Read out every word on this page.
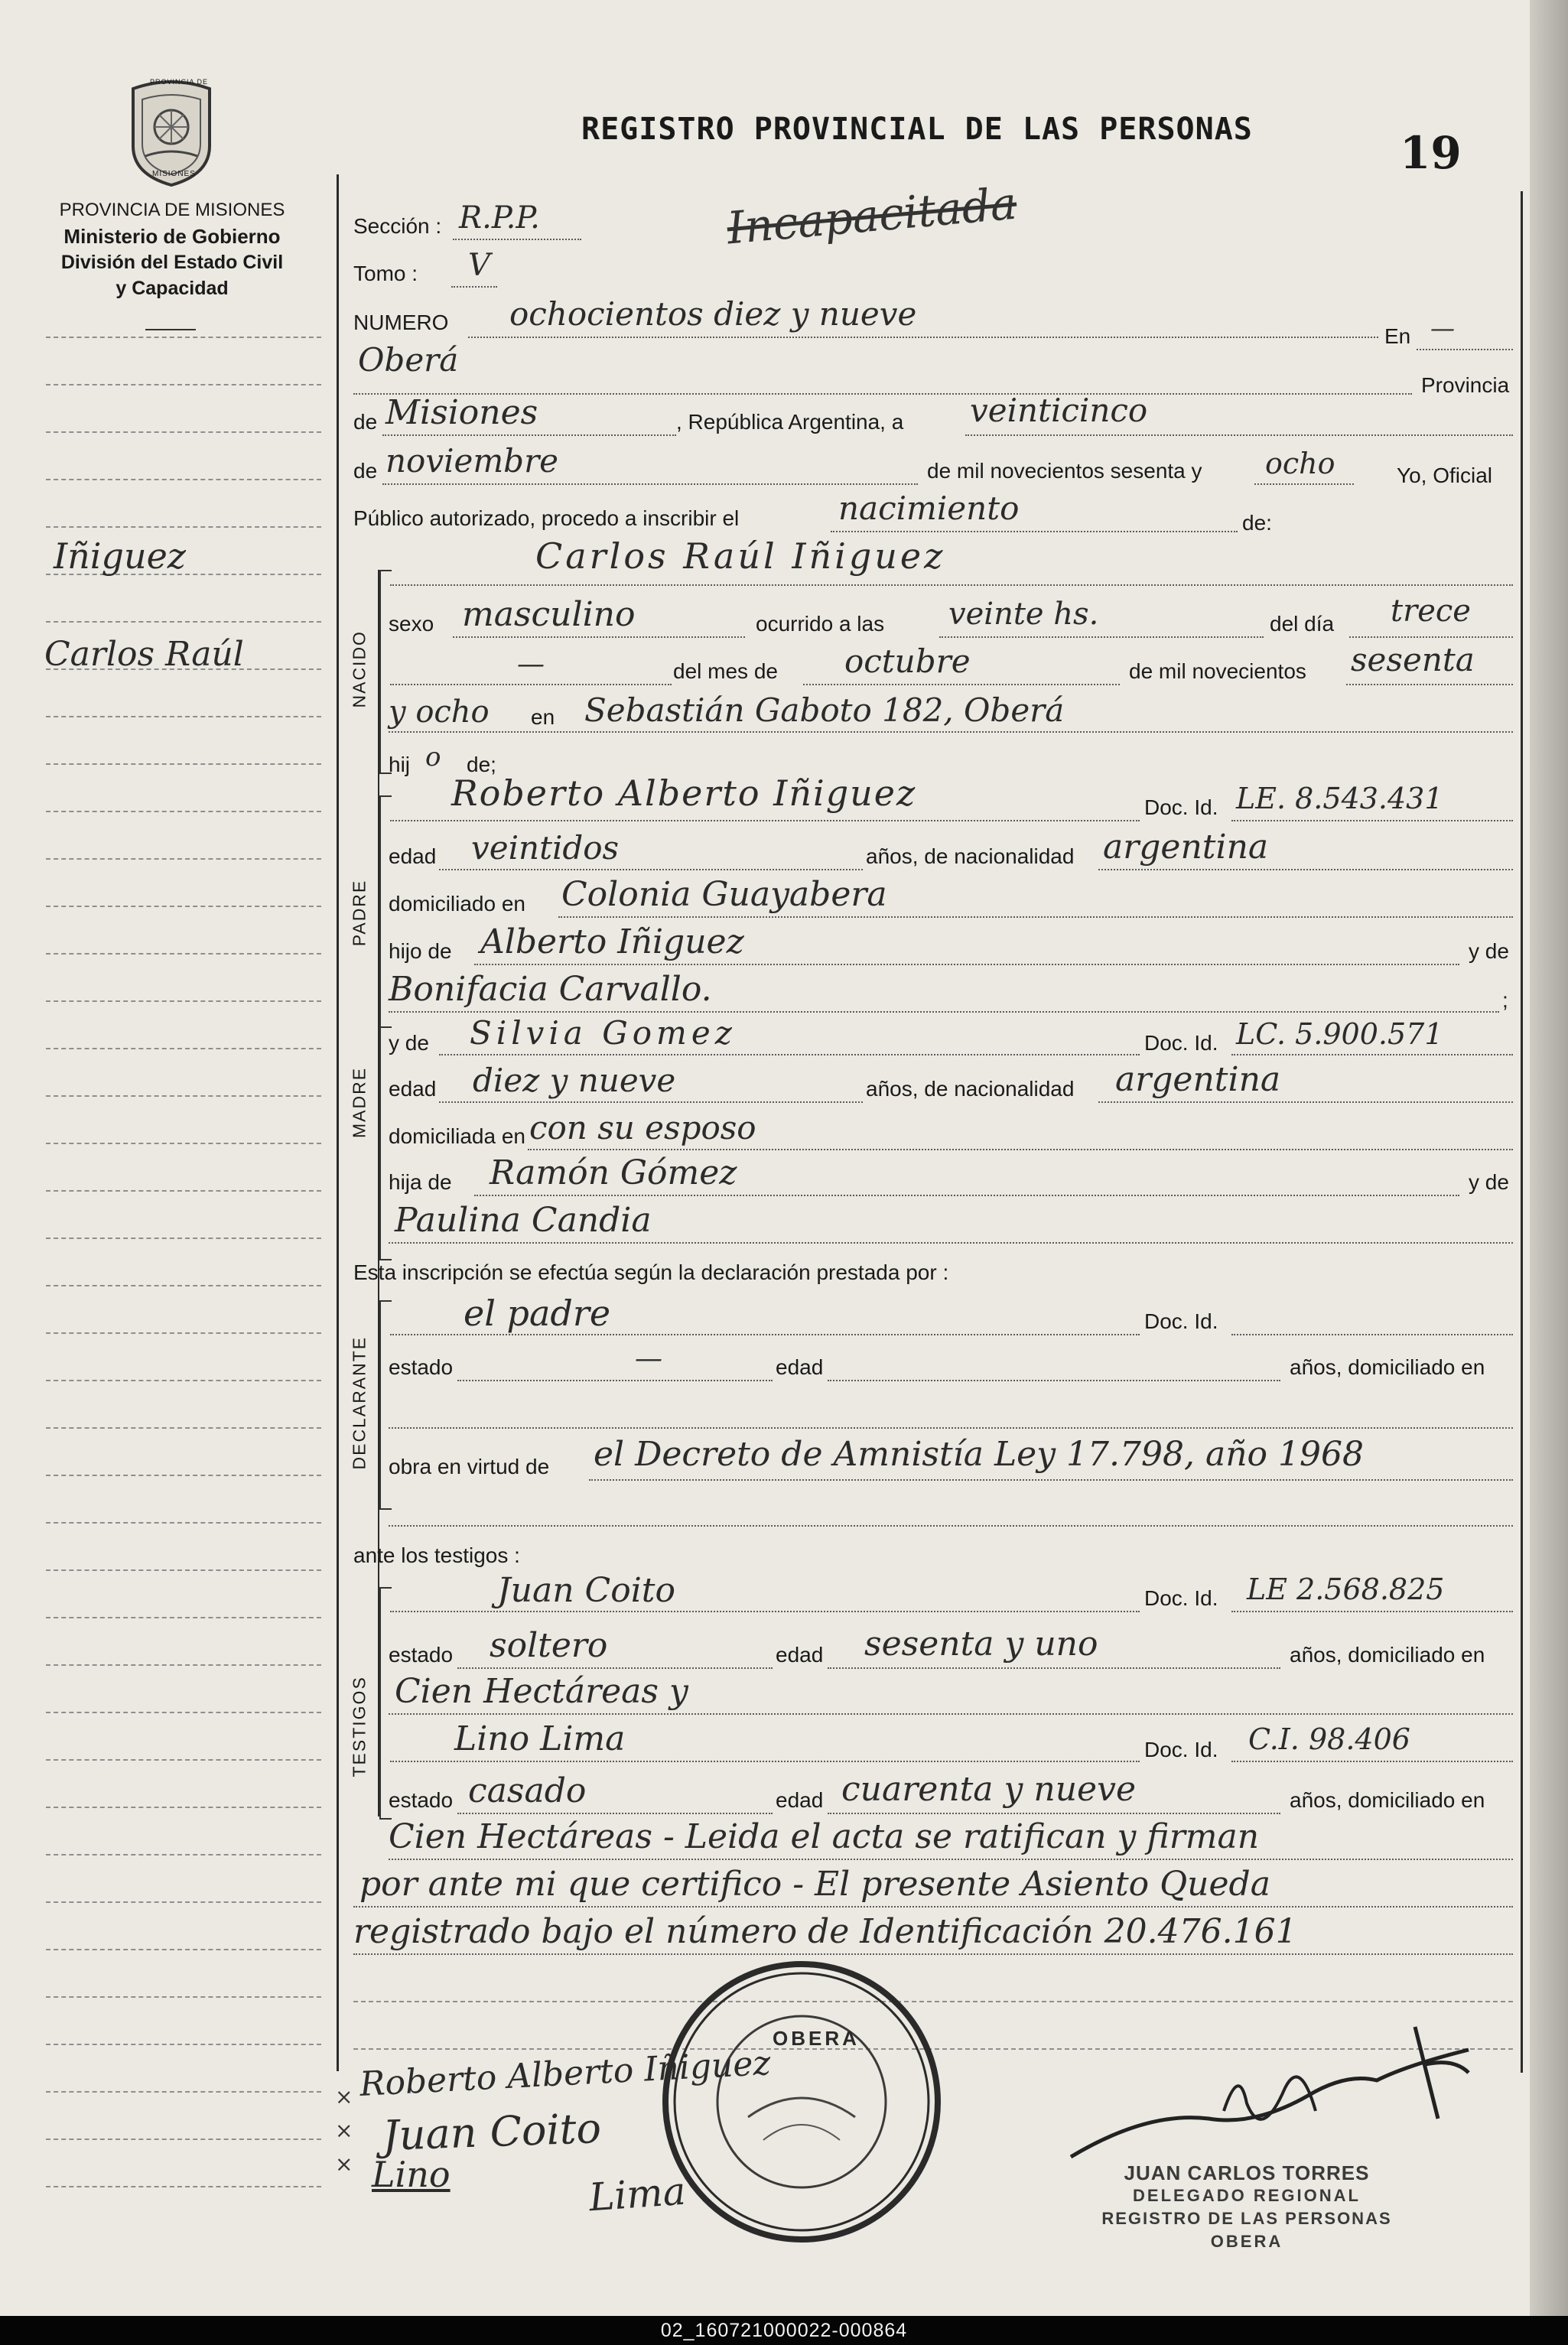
PROVINCIA DE
MISIONES
PROVINCIA DE MISIONES
Ministerio de Gobierno
División del Estado Civil
y Capacidad
REGISTRO PROVINCIAL DE LAS PERSONAS	19
Incapacitada
NACIDO
PADRE
MADRE
DECLARANTE
TESTIGOS
Iñiguez
Carlos Raúl
Sección : R.P.P.
Tomo : V
NUMERO ochocientos diez y nueve
En —
Oberá
Provincia
de Misiones	, República Argentina, a veinticinco
de noviembre	de mil novecientos sesenta y ocho	Yo, Oficial
Público autorizado, procedo a inscribir el	nacimiento	de:
Carlos Raúl Iñiguez
sexo masculino	ocurrido a las veinte hs.	del día trece
—	del mes de octubre	de mil novecientos sesenta
y ocho en Sebastián Gaboto 182, Oberá
hij o de;
Roberto Alberto Iñiguez	Doc. Id. LE. 8.543.431
edad veintidos	años, de nacionalidad argentina
domiciliado en Colonia Guayabera
hijo de Alberto Iñiguez	y de
Bonifacia Carvallo.	;
y de Silvia Gomez	Doc. Id. LC. 5.900.571
edad diez y nueve	años, de nacionalidad argentina
domiciliada en con su esposo
hija de Ramón Gómez	y de
Paulina Candia
Esta inscripción se efectúa según la declaración prestada por :
el padre	Doc. Id.
estado	—	edad	años, domiciliado en
obra en virtud de el Decreto de Amnistía Ley 17.798, año 1968
ante los testigos :
Juan Coito	Doc. Id. LE 2.568.825
estado soltero	edad sesenta y uno	años, domiciliado en
Cien Hectáreas y
Lino Lima	Doc. Id. C.I. 98.406
estado casado	edad cuarenta y nueve	años, domiciliado en
Cien Hectáreas - Leida el acta se ratifican y firman
por ante mi que certifico - El presente Asiento Queda
registrado bajo el número de Identificación 20.476.161
OBERA
Roberto Alberto Iñiguez
Juan Coito
Lino	Lima
×
×
×	JUAN CARLOS TORRES
DELEGADO REGIONAL
REGISTRO DE LAS PERSONAS
OBERA
02_160721000022-000864
